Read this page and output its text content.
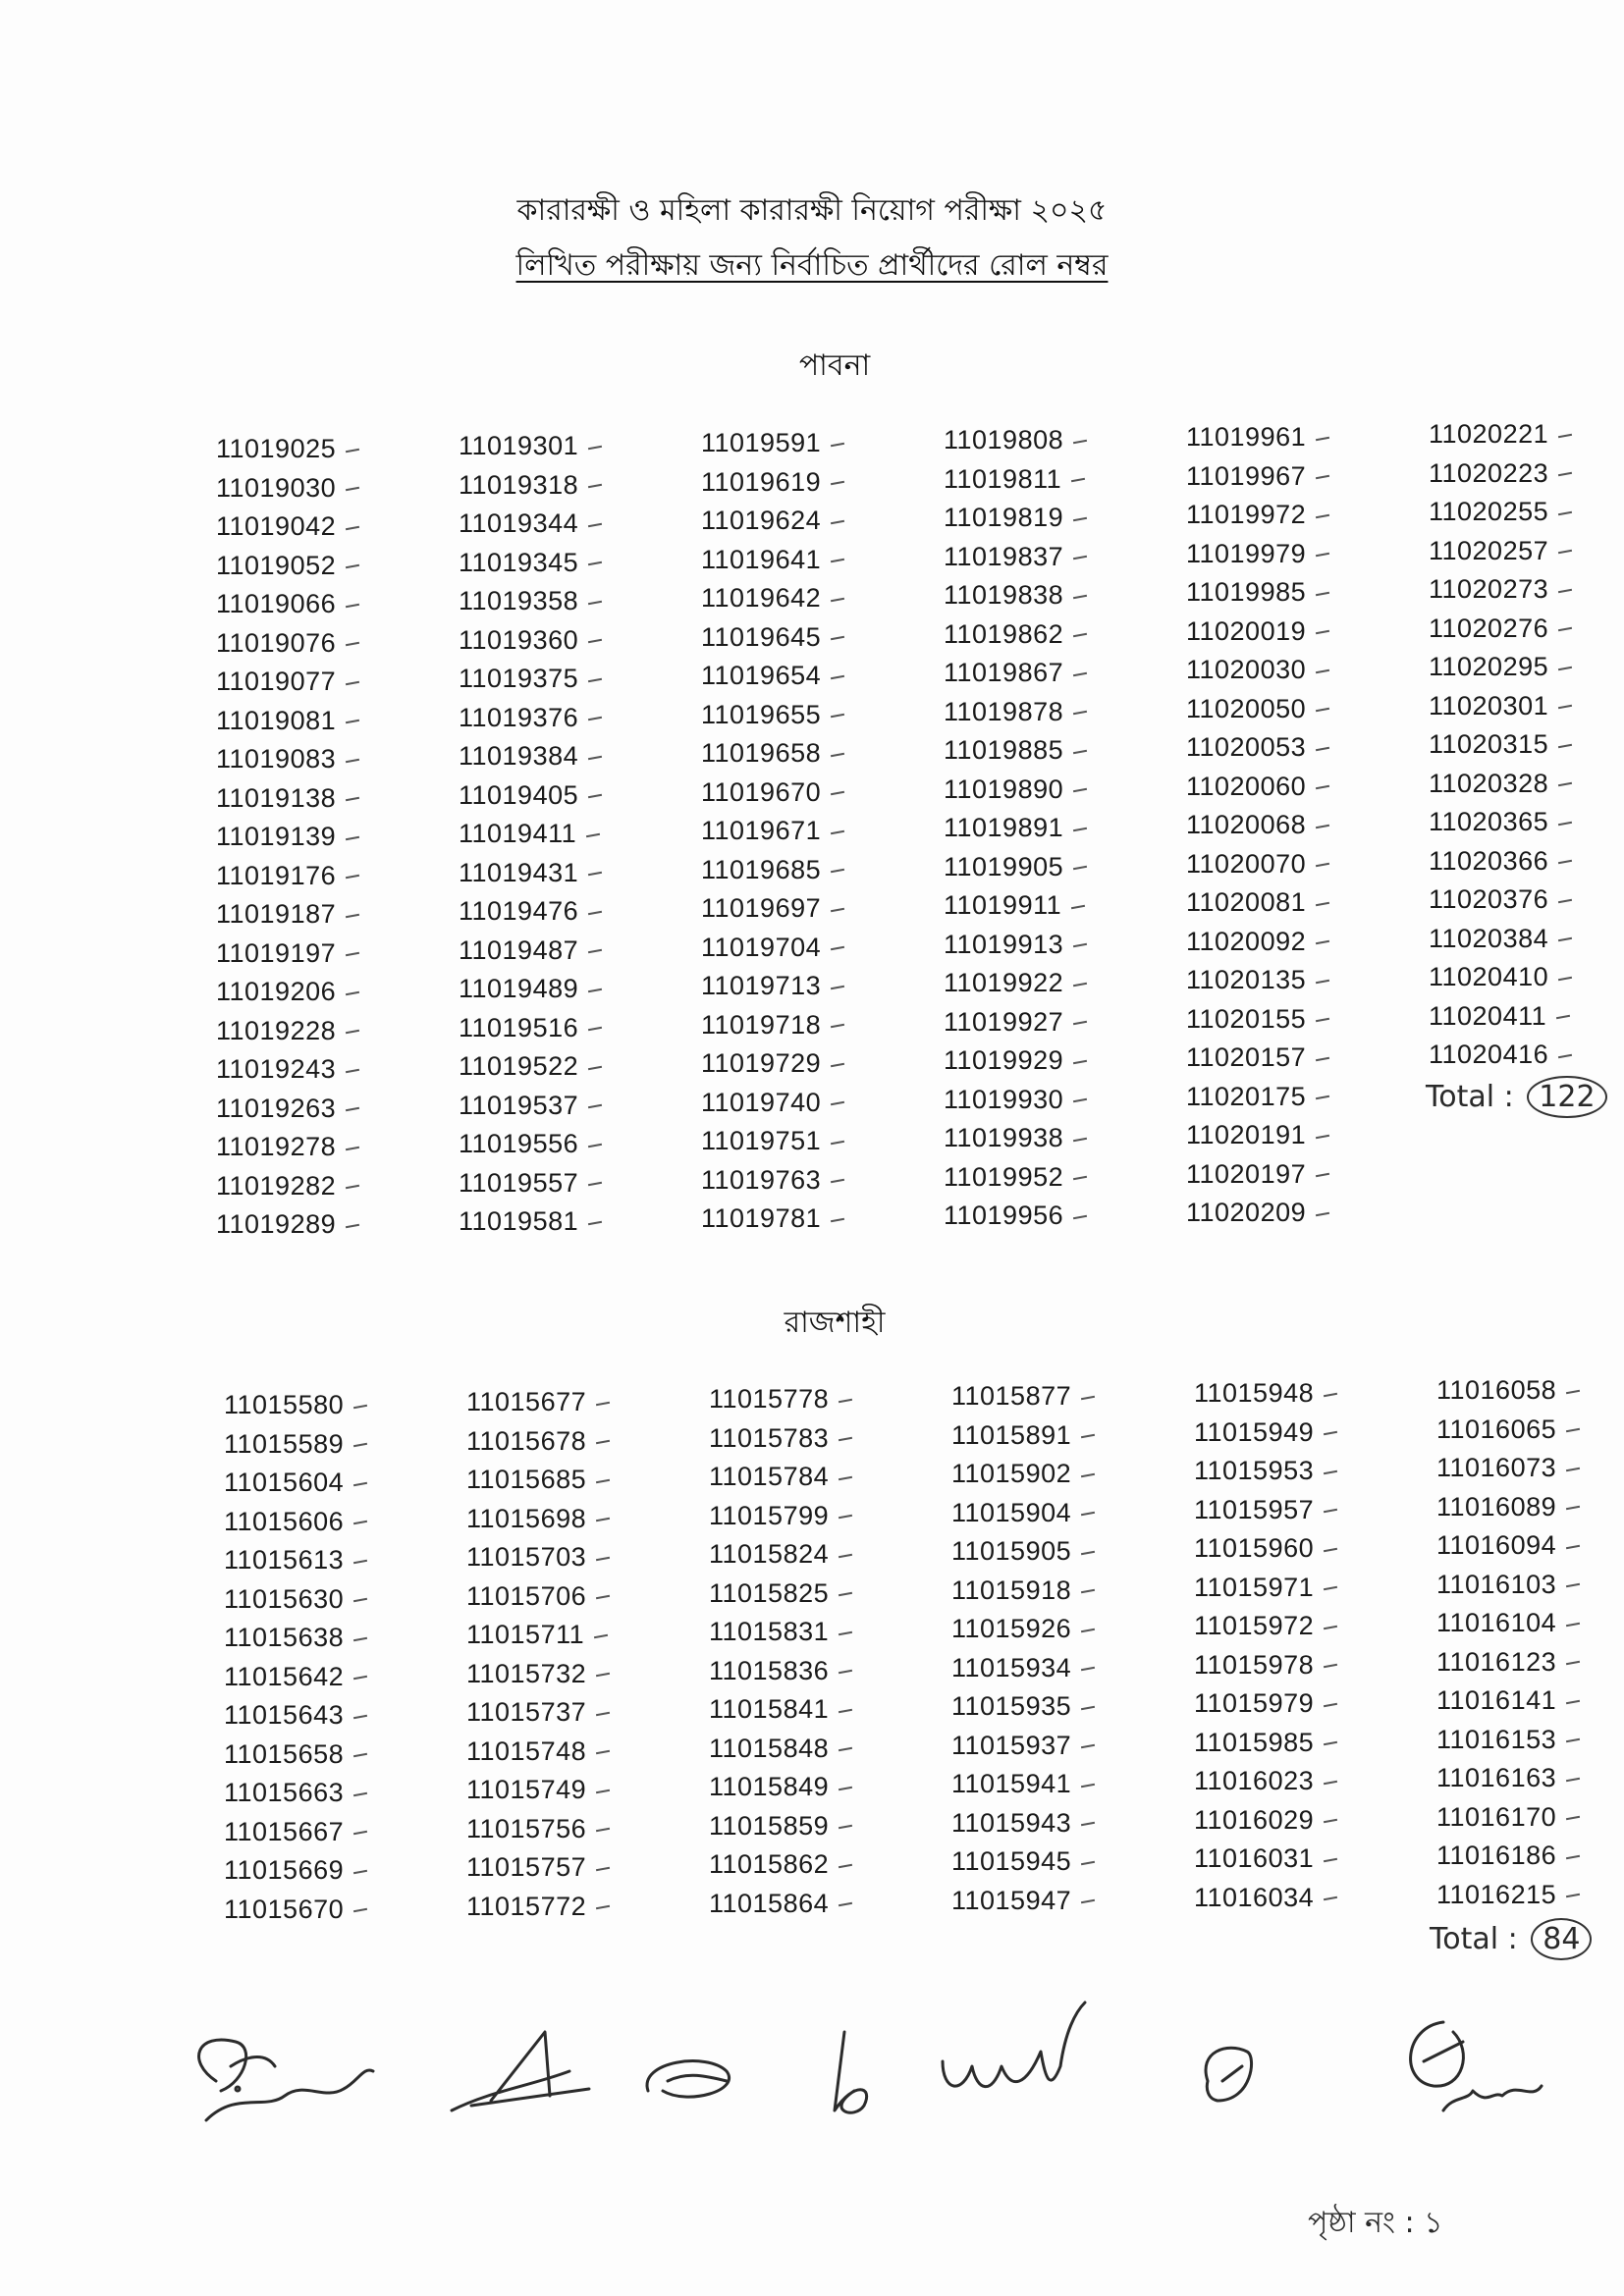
কারারক্ষী ও মহিলা কারারক্ষী নিয়োগ পরীক্ষা ২০২৫
লিখিত পরীক্ষায় জন্য নির্বাচিত প্রার্থীদের রোল নম্বর
পাবনা
11019025
11019030
11019042
11019052
11019066
11019076
11019077
11019081
11019083
11019138
11019139
11019176
11019187
11019197
11019206
11019228
11019243
11019263
11019278
11019282
11019289
11019301
11019318
11019344
11019345
11019358
11019360
11019375
11019376
11019384
11019405
11019411
11019431
11019476
11019487
11019489
11019516
11019522
11019537
11019556
11019557
11019581
11019591
11019619
11019624
11019641
11019642
11019645
11019654
11019655
11019658
11019670
11019671
11019685
11019697
11019704
11019713
11019718
11019729
11019740
11019751
11019763
11019781
11019808
11019811
11019819
11019837
11019838
11019862
11019867
11019878
11019885
11019890
11019891
11019905
11019911
11019913
11019922
11019927
11019929
11019930
11019938
11019952
11019956
11019961
11019967
11019972
11019979
11019985
11020019
11020030
11020050
11020053
11020060
11020068
11020070
11020081
11020092
11020135
11020155
11020157
11020175
11020191
11020197
11020209
11020221
11020223
11020255
11020257
11020273
11020276
11020295
11020301
11020315
11020328
11020365
11020366
11020376
11020384
11020410
11020411
11020416
Total : 122
রাজশাহী
11015580
11015589
11015604
11015606
11015613
11015630
11015638
11015642
11015643
11015658
11015663
11015667
11015669
11015670
11015677
11015678
11015685
11015698
11015703
11015706
11015711
11015732
11015737
11015748
11015749
11015756
11015757
11015772
11015778
11015783
11015784
11015799
11015824
11015825
11015831
11015836
11015841
11015848
11015849
11015859
11015862
11015864
11015877
11015891
11015902
11015904
11015905
11015918
11015926
11015934
11015935
11015937
11015941
11015943
11015945
11015947
11015948
11015949
11015953
11015957
11015960
11015971
11015972
11015978
11015979
11015985
11016023
11016029
11016031
11016034
11016058
11016065
11016073
11016089
11016094
11016103
11016104
11016123
11016141
11016153
11016163
11016170
11016186
11016215
Total : 84
পৃষ্ঠা নং : ১
